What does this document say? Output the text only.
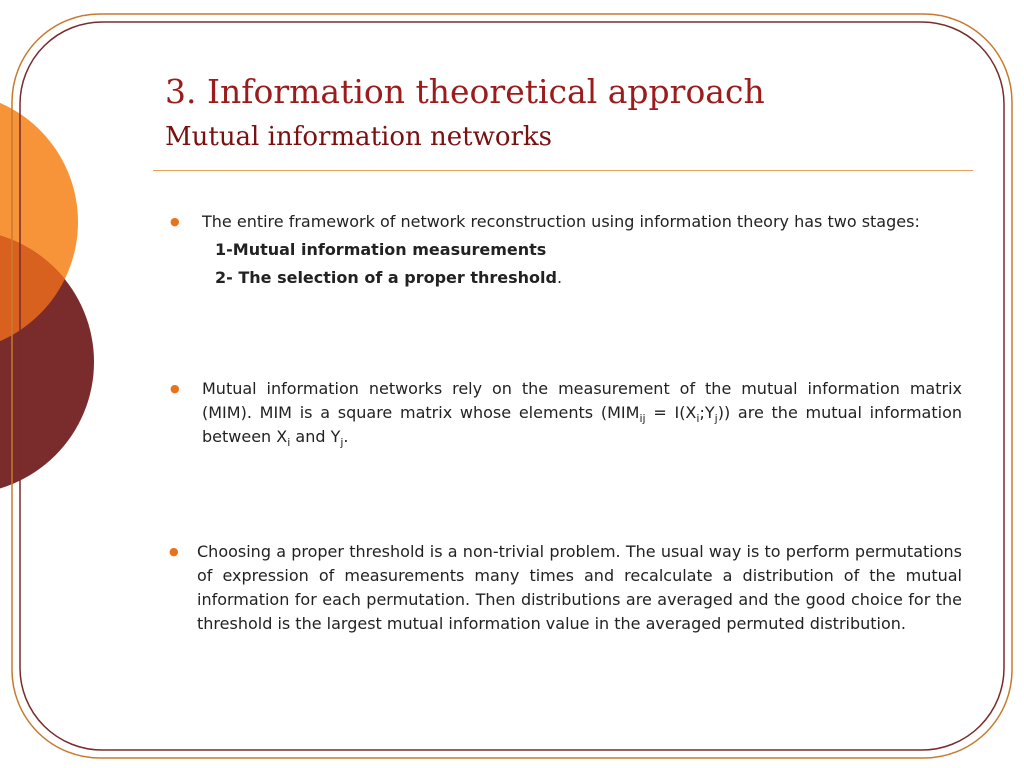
3. Information theoretical approach
Mutual information networks
● The entire framework of network reconstruction using information theory has two stages:
1-Mutual information measurements
2- The selection of a proper threshold.
● Mutual information networks rely on the measurement of the mutual information matrix (MIM). MIM is a square matrix whose elements ($MIM_{ij}$ = $I(X_i;Y_j)$) are the mutual information between $X_i$ and $Y_j$.
● Choosing a proper threshold is a non-trivial problem. The usual way is to perform permutations of expression of measurements many times and recalculate a distribution of the mutual information for each permutation. Then distributions are averaged and the good choice for the threshold is the largest mutual information value in the averaged permuted distribution.
